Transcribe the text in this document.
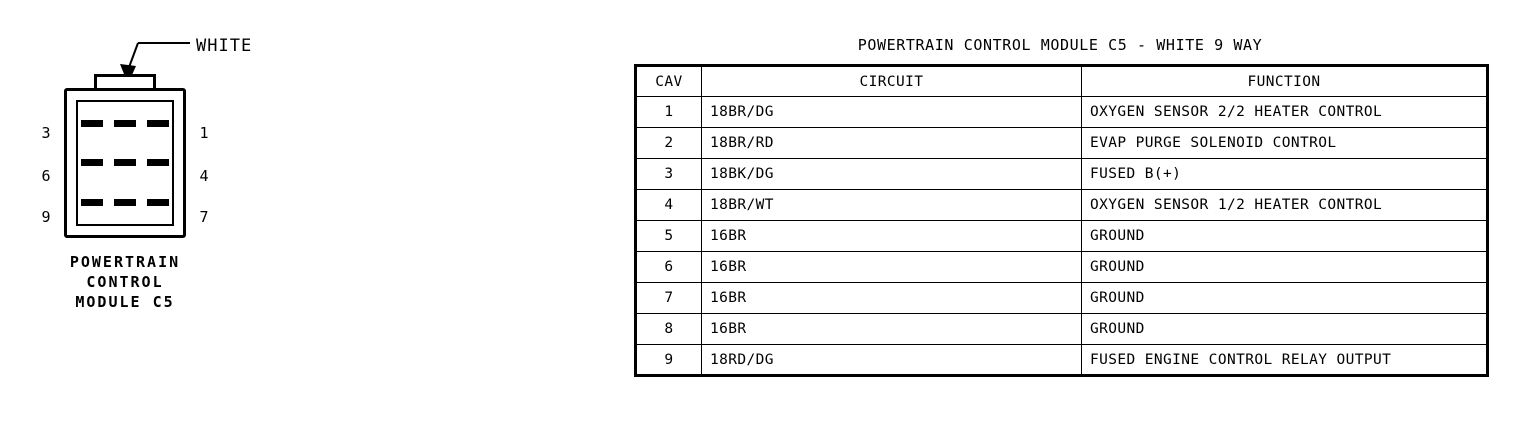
WHITE
3
6
9
1
4
7
POWERTRAIN
CONTROL
MODULE C5
POWERTRAIN CONTROL MODULE C5 - WHITE 9 WAY
CAV	CIRCUIT	FUNCTION
1	18BR/DG	OXYGEN SENSOR 2/2 HEATER CONTROL
2	18BR/RD	EVAP PURGE SOLENOID CONTROL
3	18BK/DG	FUSED B(+)
4	18BR/WT	OXYGEN SENSOR 1/2 HEATER CONTROL
5	16BR	GROUND
6	16BR	GROUND
7	16BR	GROUND
8	16BR	GROUND
9	18RD/DG	FUSED ENGINE CONTROL RELAY OUTPUT
